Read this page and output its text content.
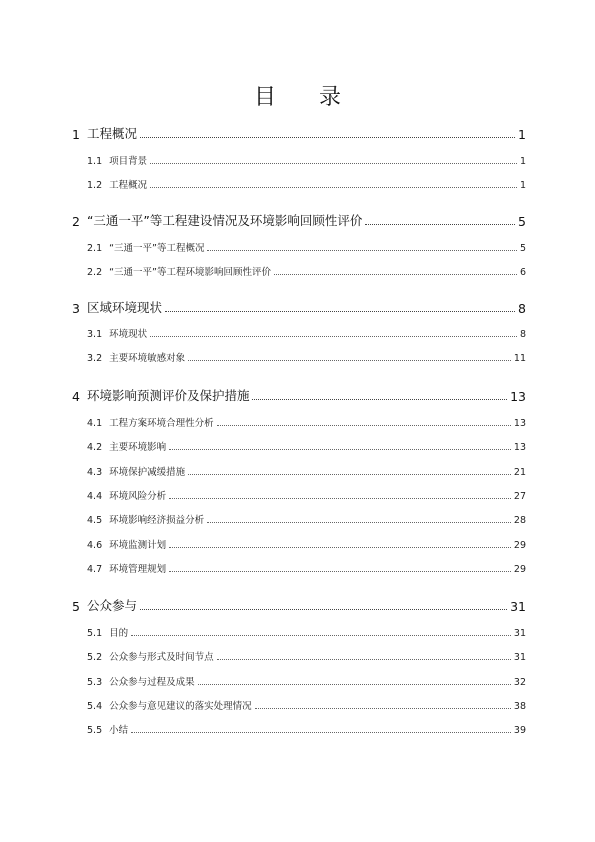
目 录
1 工程概况	1
1.1 项目背景	1
1.2 工程概况	1
2 “三通一平”等工程建设情况及环境影响回顾性评价	5
2.1 “三通一平”等工程概况	5
2.2 “三通一平”等工程环境影响回顾性评价	6
3 区域环境现状	8
3.1 环境现状	8
3.2 主要环境敏感对象	11
4 环境影响预测评价及保护措施	13
4.1 工程方案环境合理性分析	13
4.2 主要环境影响	13
4.3 环境保护减缓措施	21
4.4 环境风险分析	27
4.5 环境影响经济损益分析	28
4.6 环境监测计划	29
4.7 环境管理规划	29
5 公众参与	31
5.1 目的	31
5.2 公众参与形式及时间节点	31
5.3 公众参与过程及成果	32
5.4 公众参与意见建议的落实处理情况	38
5.5 小结	39
